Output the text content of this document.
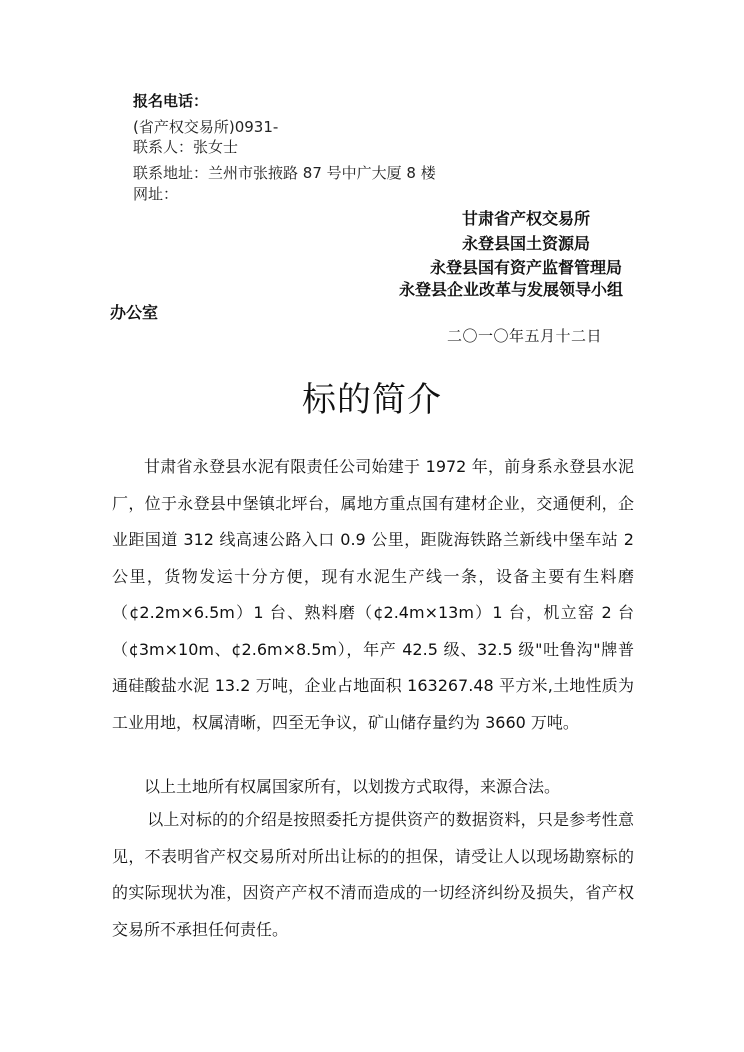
报名电话：
(省产权交易所)0931-
联系人：张女士
联系地址：兰州市张掖路 87 号中广大厦 8 楼
网址：
甘肃省产权交易所
永登县国土资源局
永登县国有资产监督管理局
永登县企业改革与发展领导小组
办公室
二〇一〇年五月十二日
标的简介

甘肃省永登县水泥有限责任公司始建于 1972 年，前身系永登县水泥厂，位于永登县中堡镇北坪台，属地方重点国有建材企业，交通便利，企业距国道 312 线高速公路入口 0.9 公里，距陇海铁路兰新线中堡车站 2 公里，货物发运十分方便，现有水泥生产线一条，设备主要有生料磨（¢2.2m×6.5m）1 台、熟料磨（¢2.4m×13m）1 台，机立窑 2 台（¢3m×10m、¢2.6m×8.5m），年产 42.5 级、32.5 级"吐鲁沟"牌普通硅酸盐水泥 13.2 万吨，企业占地面积 163267.48 平方米,土地性质为工业用地，权属清晰，四至无争议，矿山储存量约为 3660 万吨。

以上土地所有权属国家所有，以划拨方式取得，来源合法。

以上对标的的介绍是按照委托方提供资产的数据资料，只是参考性意见，不表明省产权交易所对所出让标的的担保，请受让人以现场勘察标的的实际现状为准，因资产产权不清而造成的一切经济纠纷及损失，省产权交易所不承担任何责任。
